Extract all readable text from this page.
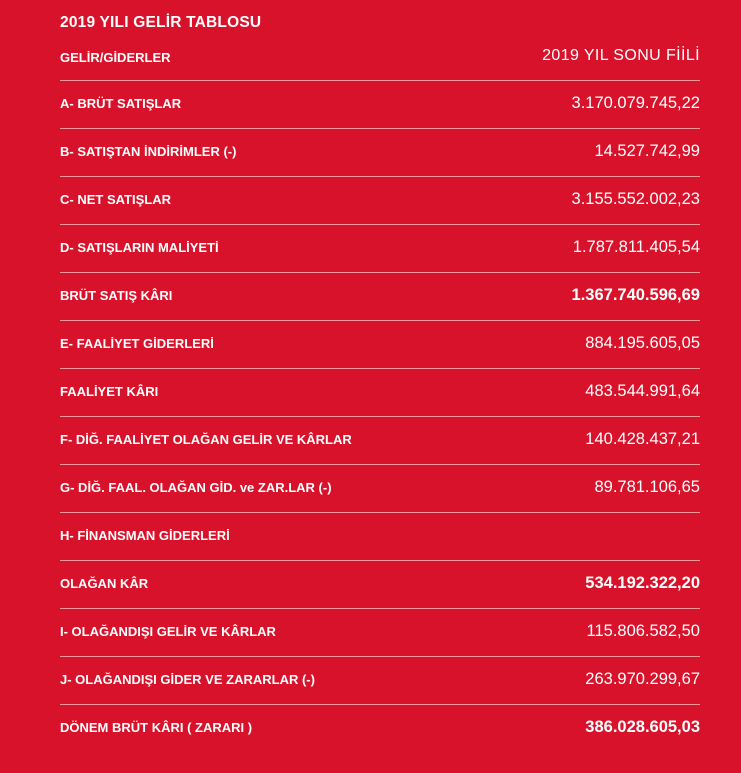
2019 YILI GELİR TABLOSU
GELİR/GİDERLER	2019 YIL SONU FİİLİ
A- BRÜT SATIŞLAR	3.170.079.745,22
B- SATIŞTAN İNDİRİMLER (-)	14.527.742,99
C- NET SATIŞLAR	3.155.552.002,23
D- SATIŞLARIN MALİYETİ	1.787.811.405,54
BRÜT SATIŞ KÂRI	1.367.740.596,69
E- FAALİYET GİDERLERİ	884.195.605,05
FAALİYET KÂRI	483.544.991,64
F- DİĞ. FAALİYET OLAĞAN GELİR VE KÂRLAR	140.428.437,21
G- DİĞ. FAAL. OLAĞAN GİD. ve ZAR.LAR (-)	89.781.106,65
H- FİNANSMAN GİDERLERİ
OLAĞAN KÂR	534.192.322,20
I- OLAĞANDIŞI GELİR VE KÂRLAR	115.806.582,50
J- OLAĞANDIŞI GİDER VE ZARARLAR (-)	263.970.299,67
DÖNEM BRÜT KÂRI ( ZARARI )	386.028.605,03
